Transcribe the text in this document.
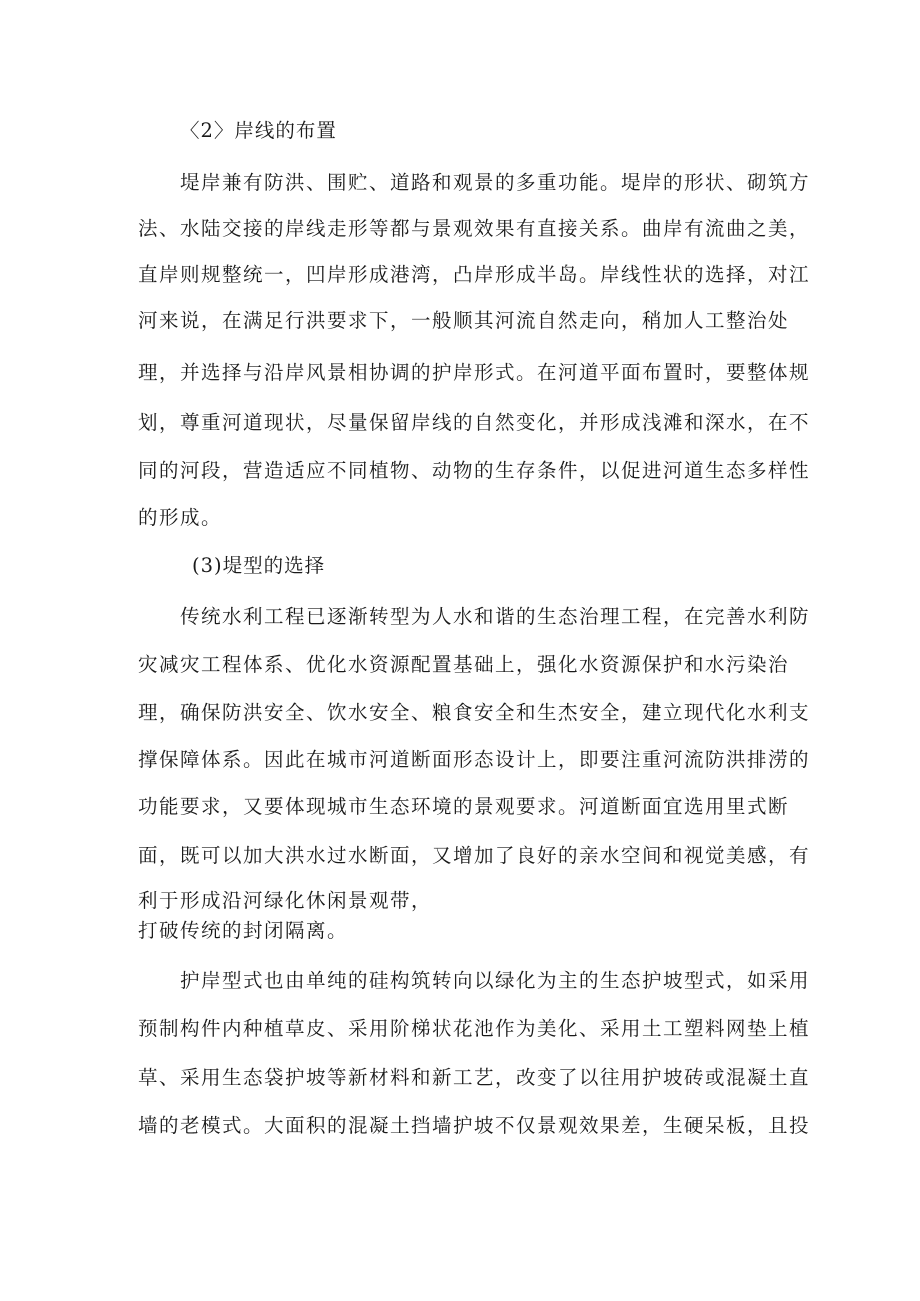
〈2〉岸线的布置
堤岸兼有防洪、围贮、道路和观景的多重功能。堤岸的形状、砌筑方
法、水陆交接的岸线走形等都与景观效果有直接关系。曲岸有流曲之美，
直岸则规整统一，凹岸形成港湾，凸岸形成半岛。岸线性状的选择，对江
河来说，在满足行洪要求下，一般顺其河流自然走向，稍加人工整治处
理，并选择与沿岸风景相协调的护岸形式。在河道平面布置时，要整体规
划，尊重河道现状，尽量保留岸线的自然变化，并形成浅滩和深水，在不
同的河段，营造适应不同植物、动物的生存条件，以促进河道生态多样性
的形成。
(3)堤型的选择
传统水利工程已逐渐转型为人水和谐的生态治理工程，在完善水利防
灾减灾工程体系、优化水资源配置基础上，强化水资源保护和水污染治
理，确保防洪安全、饮水安全、粮食安全和生杰安全，建立现代化水利支
撑保障体系。因此在城市河道断面形态设计上，即要注重河流防洪排涝的
功能要求，又要体现城市生态环境的景观要求。河道断面宜选用里式断
面，既可以加大洪水过水断面，又增加了良好的亲水空间和视觉美感，有
利于形成沿河绿化休闲景观带，
打破传统的封闭隔离。
护岸型式也由单纯的硅构筑转向以绿化为主的生态护坡型式，如采用
预制构件内种植草皮、采用阶梯状花池作为美化、采用土工塑料网垫上植
草、采用生态袋护坡等新材料和新工艺，改变了以往用护坡砖或混凝土直
墙的老模式。大面积的混凝土挡墙护坡不仅景观效果差，生硬呆板，且投
